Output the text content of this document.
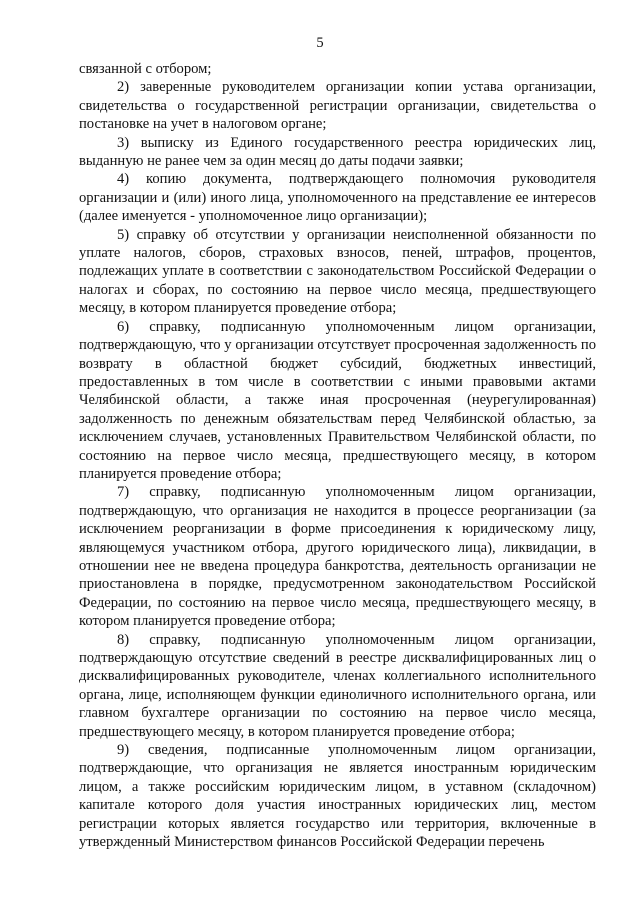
5

связанной с отбором;

2) заверенные руководителем организации копии устава организации, свидетельства о государственной регистрации организации, свидетельства о постановке на учет в налоговом органе;

3) выписку из Единого государственного реестра юридических лиц, выданную не ранее чем за один месяц до даты подачи заявки;

4) копию документа, подтверждающего полномочия руководителя организации и (или) иного лица, уполномоченного на представление ее интересов (далее именуется - уполномоченное лицо организации);

5) справку об отсутствии у организации неисполненной обязанности по уплате налогов, сборов, страховых взносов, пеней, штрафов, процентов, подлежащих уплате в соответствии с законодательством Российской Федерации о налогах и сборах, по состоянию на первое число месяца, предшествующего месяцу, в котором планируется проведение отбора;

6) справку, подписанную уполномоченным лицом организации, подтверждающую, что у организации отсутствует просроченная задолженность по возврату в областной бюджет субсидий, бюджетных инвестиций, предоставленных в том числе в соответствии с иными правовыми актами Челябинской области, а также иная просроченная (неурегулированная) задолженность по денежным обязательствам перед Челябинской областью, за исключением случаев, установленных Правительством Челябинской области, по состоянию на первое число месяца, предшествующего месяцу, в котором планируется проведение отбора;

7) справку, подписанную уполномоченным лицом организации, подтверждающую, что организация не находится в процессе реорганизации (за исключением реорганизации в форме присоединения к юридическому лицу, являющемуся участником отбора, другого юридического лица), ликвидации, в отношении нее не введена процедура банкротства, деятельность организации не приостановлена в порядке, предусмотренном законодательством Российской Федерации, по состоянию на первое число месяца, предшествующего месяцу, в котором планируется проведение отбора;

8) справку, подписанную уполномоченным лицом организации, подтверждающую отсутствие сведений в реестре дисквалифицированных лиц о дисквалифицированных руководителе, членах коллегиального исполнительного органа, лице, исполняющем функции единоличного исполнительного органа, или главном бухгалтере организации по состоянию на первое число месяца, предшествующего месяцу, в котором планируется проведение отбора;

9) сведения, подписанные уполномоченным лицом организации, подтверждающие, что организация не является иностранным юридическим лицом, а также российским юридическим лицом, в уставном (складочном) капитале которого доля участия иностранных юридических лиц, местом регистрации которых является государство или территория, включенные в утвержденный Министерством финансов Российской Федерации перечень
